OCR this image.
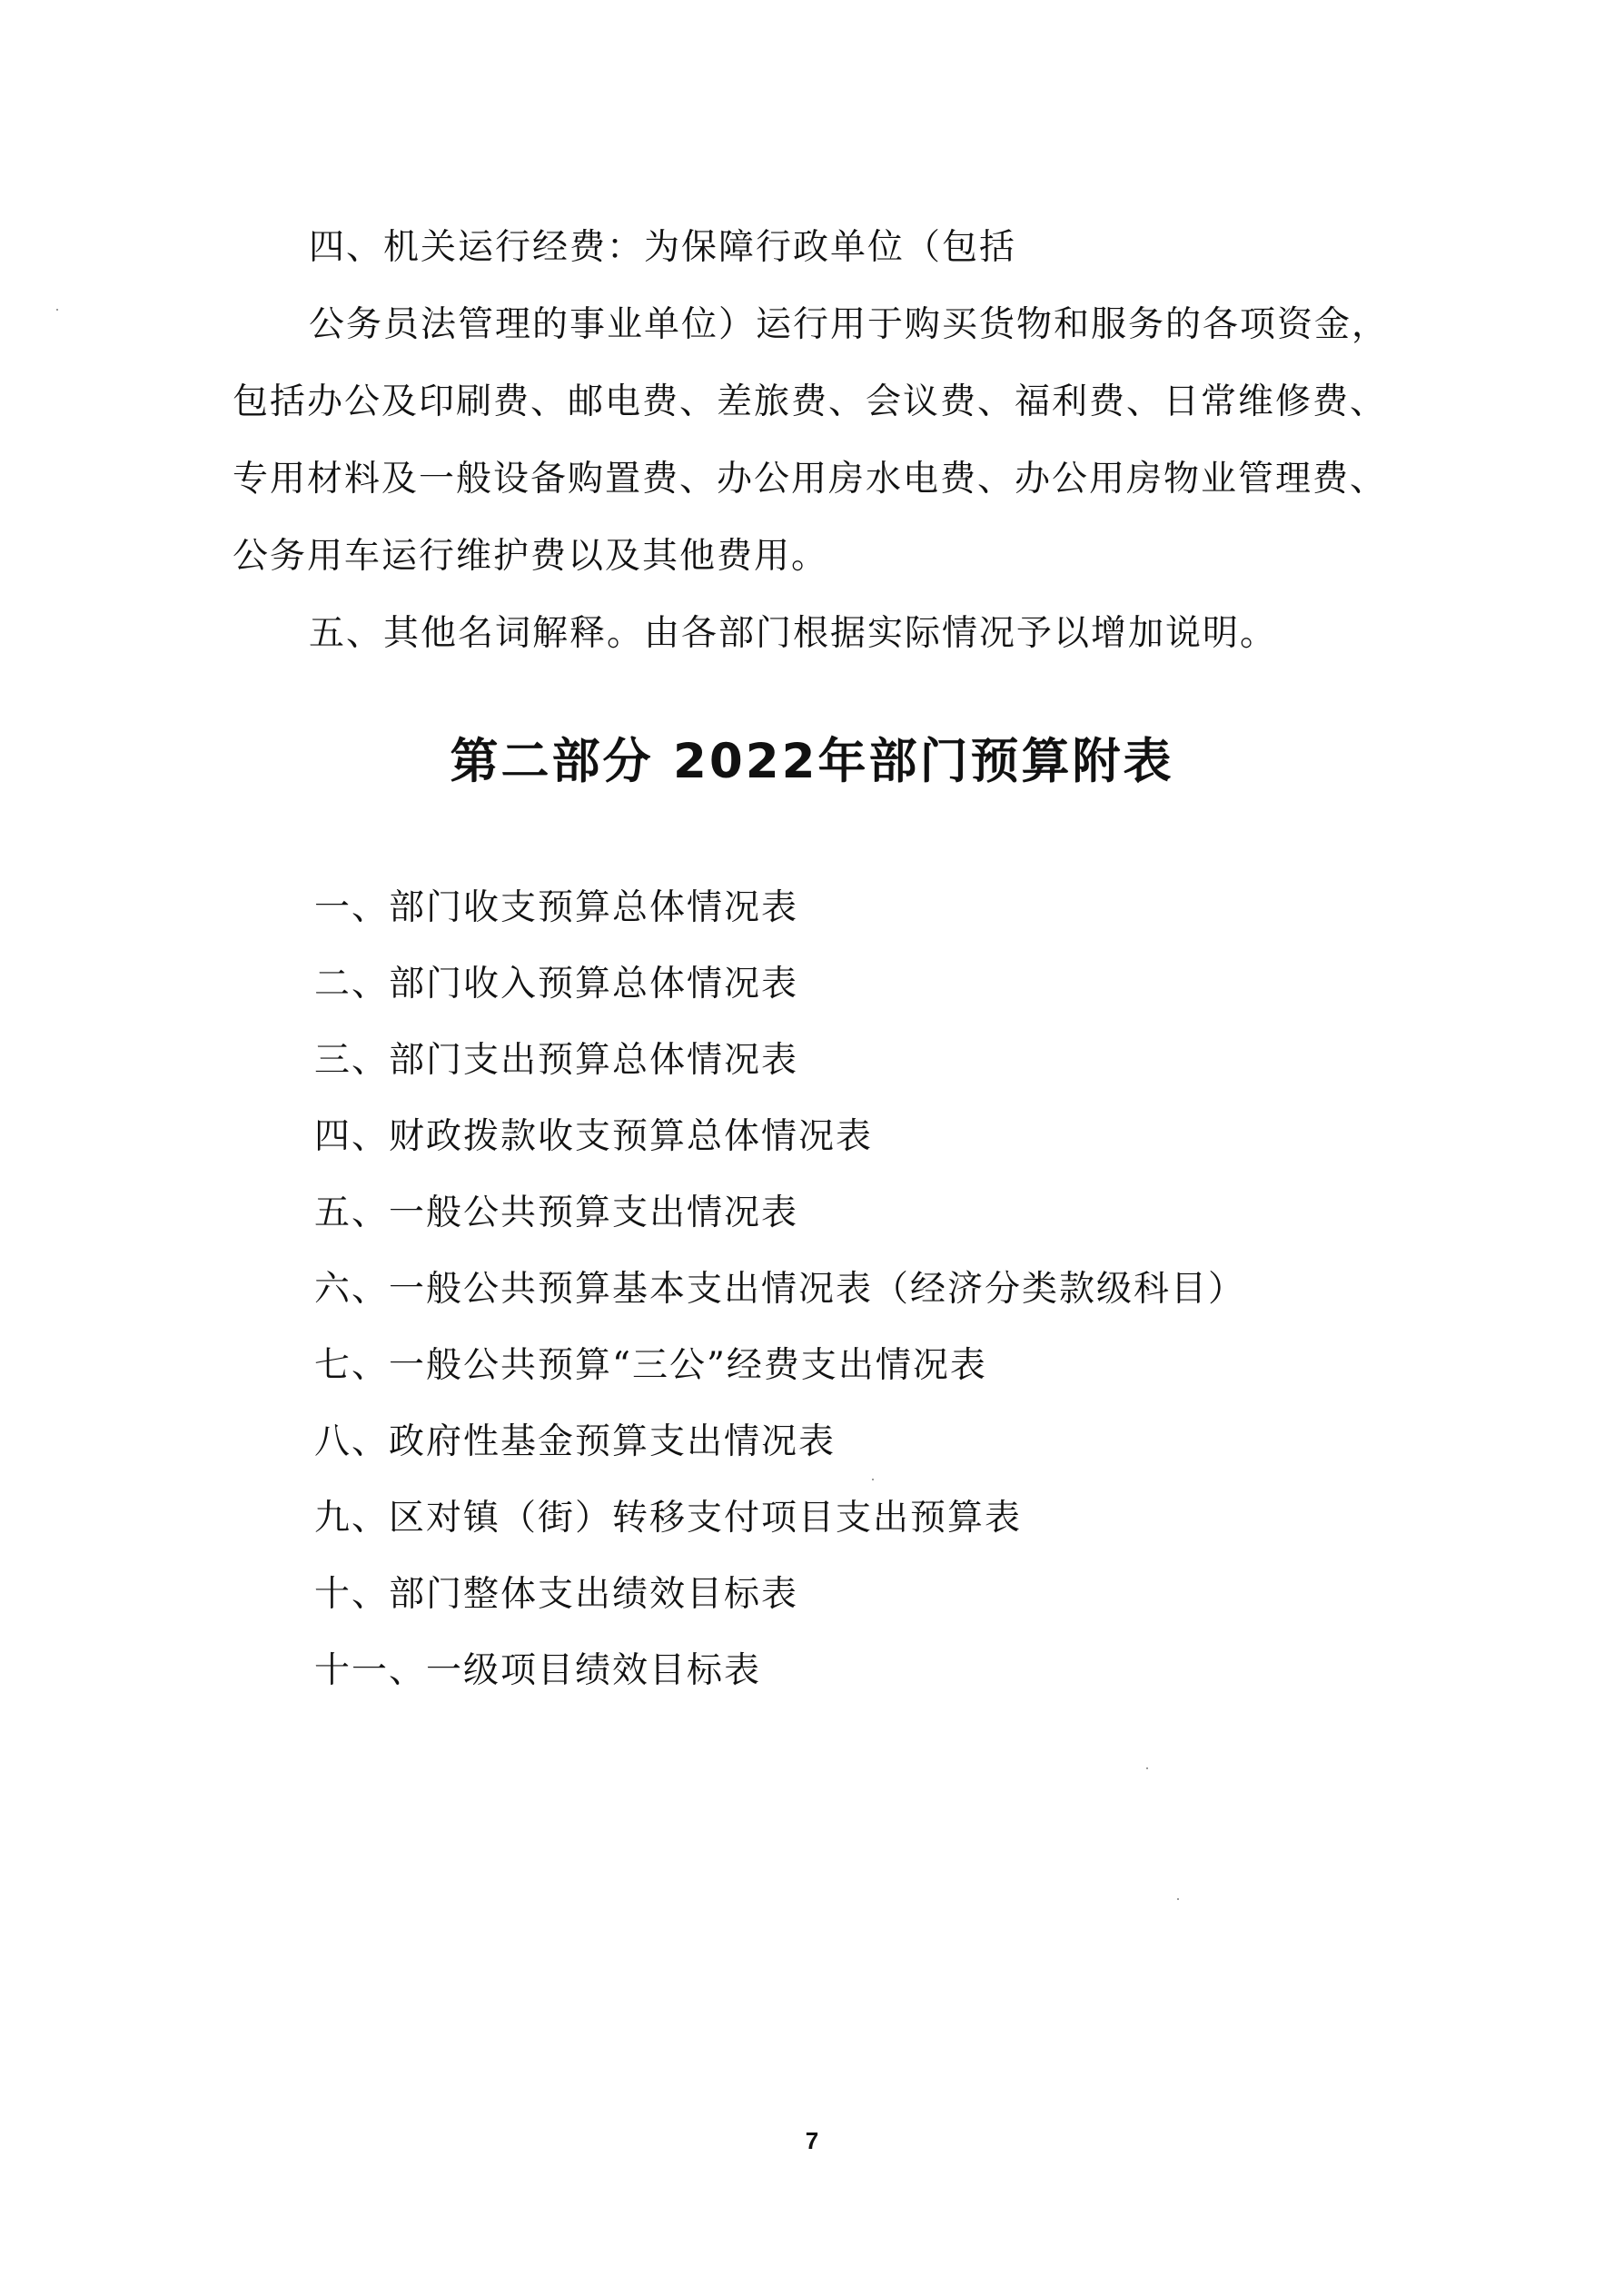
四、机关运行经费：为保障行政单位（包括
公务员法管理的事业单位）运行用于购买货物和服务的各项资金，
包括办公及印刷费、邮电费、差旅费、会议费、福利费、日常维修费、
专用材料及一般设备购置费、办公用房水电费、办公用房物业管理费、
公务用车运行维护费以及其他费用。
五、其他名词解释。由各部门根据实际情况予以增加说明。
第二部分 2022年部门预算附表
一、部门收支预算总体情况表
二、部门收入预算总体情况表
三、部门支出预算总体情况表
四、财政拨款收支预算总体情况表
五、一般公共预算支出情况表
六、一般公共预算基本支出情况表（经济分类款级科目）
七、一般公共预算“三公”经费支出情况表
八、政府性基金预算支出情况表
九、区对镇（街）转移支付项目支出预算表
十、部门整体支出绩效目标表
十一、一级项目绩效目标表
7
